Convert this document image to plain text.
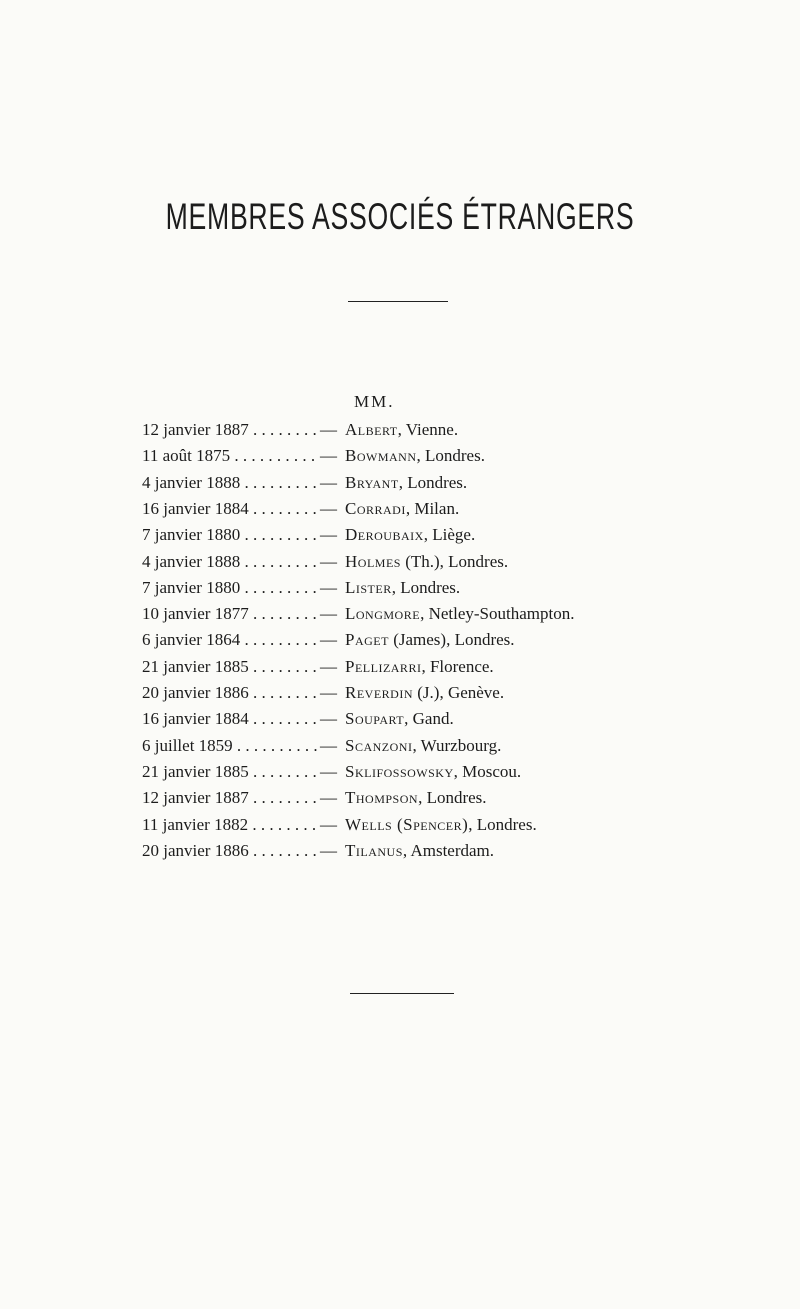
MEMBRES ASSOCIÉS ÉTRANGERS
MM.
12 janvier 1887 . . .	— Albert, Vienne.
11 août 1875 . . .	— Bowmann, Londres.
4 janvier 1888 . . .	— Bryant, Londres.
16 janvier 1884 . . .	— Corradi, Milan.
7 janvier 1880 . . .	— Deroubaix, Liège.
4 janvier 1888 . . .	— Holmes (Th.), Londres.
7 janvier 1880 . . .	— Lister, Londres.
10 janvier 1877 . . .	— Longmore, Netley-Southampton.
6 janvier 1864 . . .	— Paget (James), Londres.
21 janvier 1885 . . .	— Pellizarri, Florence.
20 janvier 1886 . . .	— Reverdin (J.), Genève.
16 janvier 1884 . . .	— Soupart, Gand.
6 juillet 1859 . . .	— Scanzoni, Wurzbourg.
21 janvier 1885 . . .	— Sklifossowsky, Moscou.
12 janvier 1887 . . .	— Thompson, Londres.
11 janvier 1882 . . .	— Wells (Spencer), Londres.
20 janvier 1886 . . .	— Tilanus, Amsterdam.
